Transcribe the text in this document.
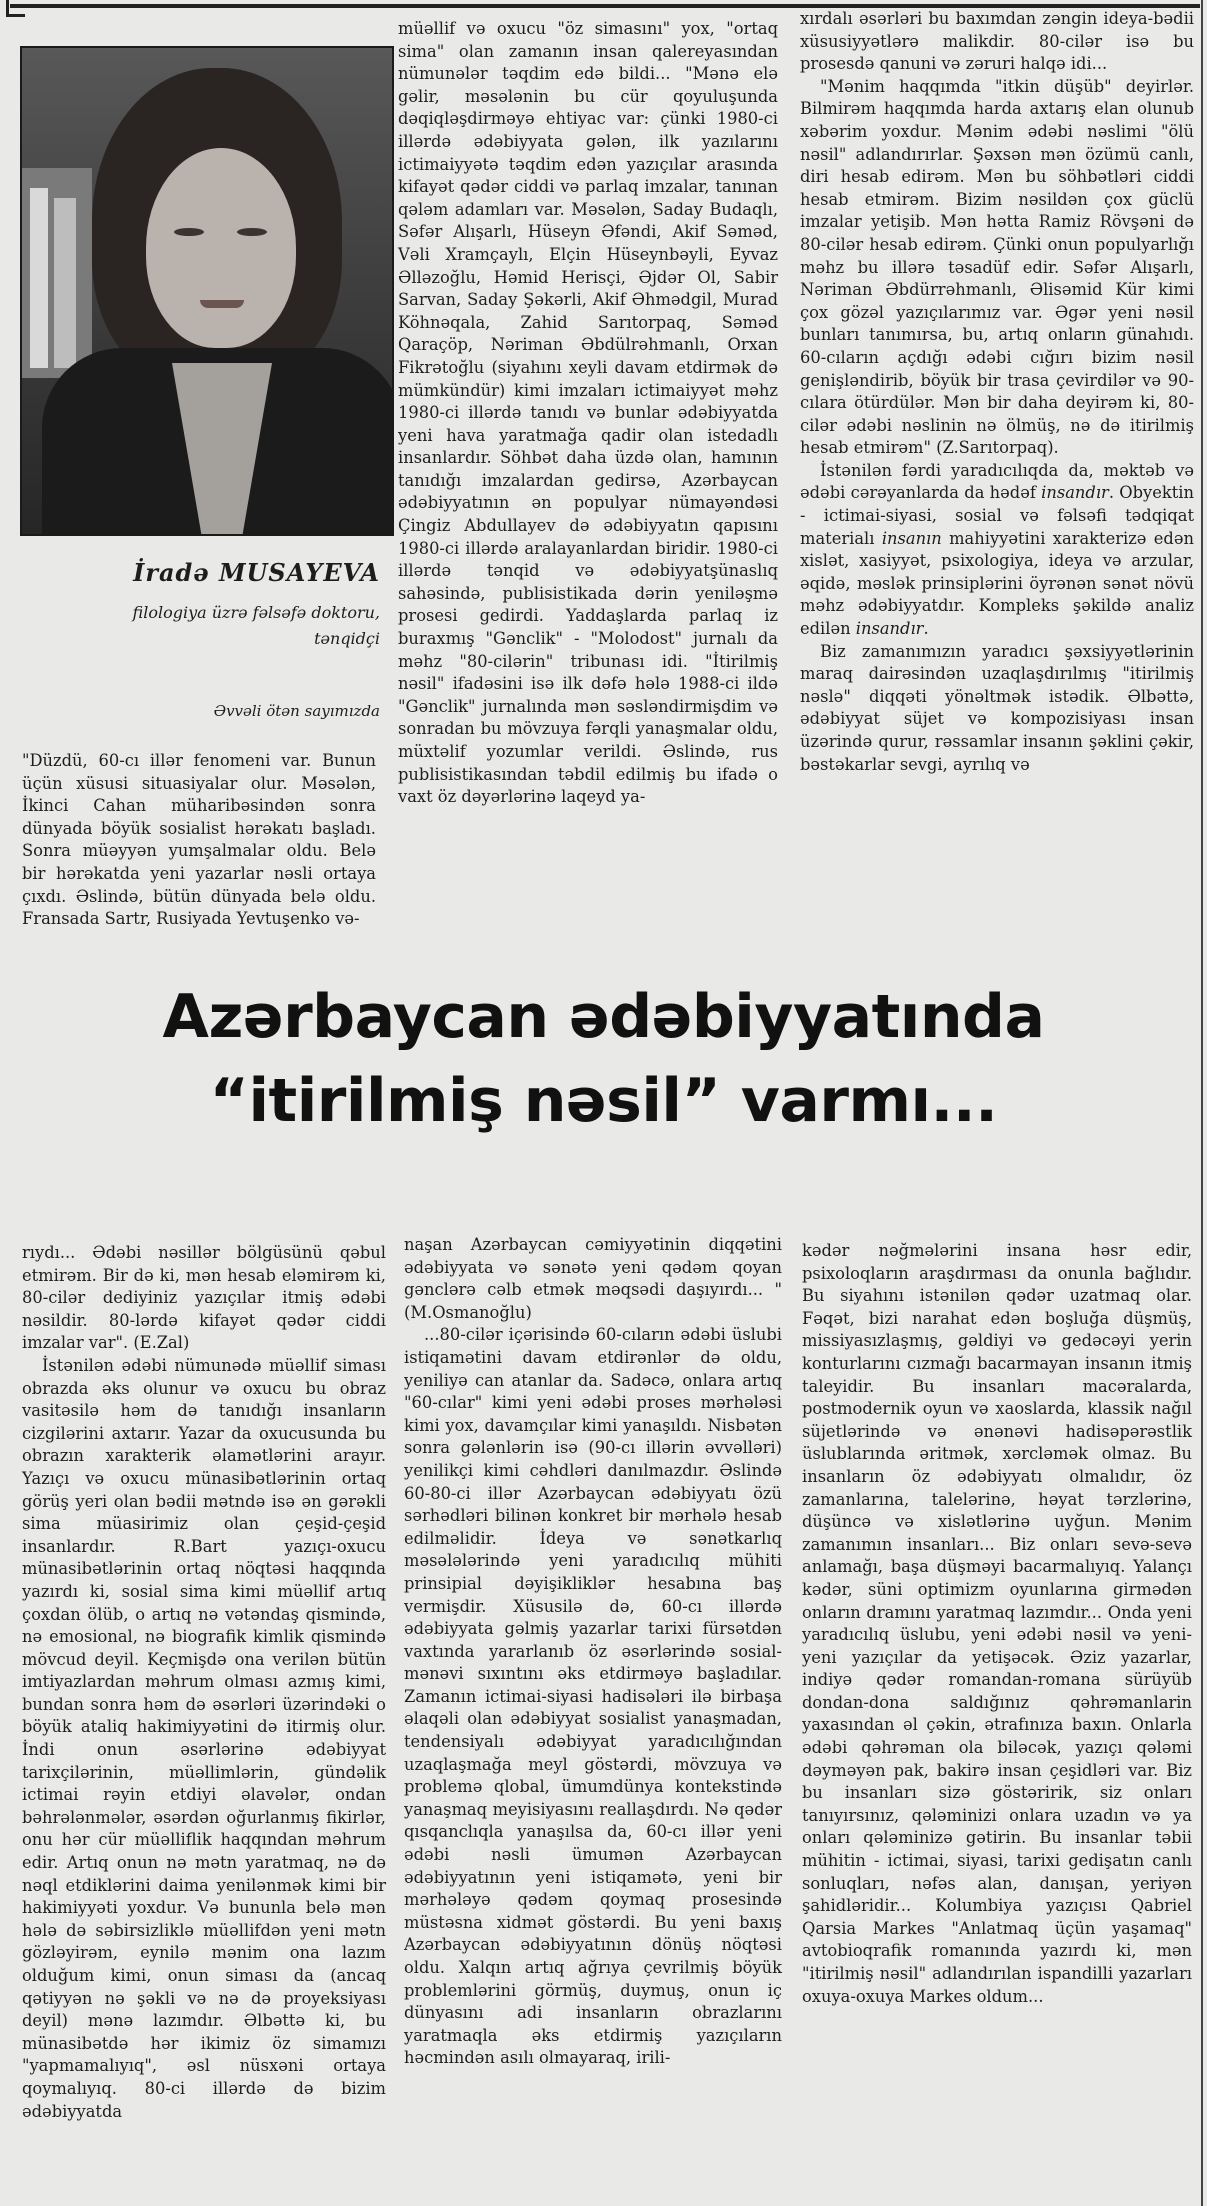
İradə MUSAYEVA
filologiya üzrə fəlsəfə doktoru,
tənqidçi
Əvvəli ötən sayımızda

"Düzdü, 60-cı illər fenomeni var. Bunun üçün xüsusi situasiyalar olur. Məsələn, İkinci Cahan müharibəsindən sonra dünyada böyük sosialist hərəkatı başladı. Sonra müəyyən yumşalmalar oldu. Belə bir hərəkatda yeni yazarlar nəsli ortaya çıxdı. Əslində, bütün dünyada belə oldu. Fransada Sartr, Rusiyada Yevtuşenko və-

müəllif və oxucu "öz simasını" yox, "ortaq sima" olan zamanın insan qalereyasından nümunələr təqdim edə bildi... "Mənə elə gəlir, məsələnin bu cür qoyuluşunda dəqiqləşdirməyə ehtiyac var: çünki 1980-ci illərdə ədəbiyyata gələn, ilk yazılarını ictimaiyyətə təqdim edən yazıçılar arasında kifayət qədər ciddi və parlaq imzalar, tanınan qələm adamları var. Məsələn, Saday Budaqlı, Səfər Alışarlı, Hüseyn Əfəndi, Akif Səməd, Vəli Xramçaylı, Elçin Hüseynbəyli, Eyvaz Əlləzoğlu, Həmid Herisçi, Əjdər Ol, Sabir Sarvan, Saday Şəkərli, Akif Əhmədgil, Murad Köhnəqala, Zahid Sarıtorpaq, Səməd Qaraçöp, Nəriman Əbdülrəhmanlı, Orxan Fikrətoğlu (siyahını xeyli davam etdirmək də mümkündür) kimi imzaları ictimaiyyət məhz 1980-ci illərdə tanıdı və bunlar ədəbiyyatda yeni hava yaratmağa qadir olan istedadlı insanlardır. Söhbət daha üzdə olan, hamının tanıdığı imzalardan gedirsə, Azərbaycan ədəbiyyatının ən populyar nümayəndəsi Çingiz Abdullayev də ədəbiyyatın qapısını 1980-ci illərdə aralayanlardan biridir. 1980-ci illərdə tənqid və ədəbiyyatşünaslıq sahəsində, publisistikada dərin yeniləşmə prosesi gedirdi. Yaddaşlarda parlaq iz buraxmış "Gənclik" - "Molodost" jurnalı da məhz "80-cilərin" tribunası idi. "İtirilmiş nəsil" ifadəsini isə ilk dəfə hələ 1988-ci ildə "Gənclik" jurnalında mən səsləndirmişdim və sonradan bu mövzuya fərqli yanaşmalar oldu, müxtəlif yozumlar verildi. Əslində, rus publisistikasından təbdil edilmiş bu ifadə o vaxt öz dəyərlərinə laqeyd ya-

xırdalı əsərləri bu baxımdan zəngin ideya-bədii xüsusiyyətlərə malikdir. 80-cilər isə bu prosesdə qanuni və zəruri halqə idi...

"Mənim haqqımda "itkin düşüb" deyirlər. Bilmirəm haqqımda harda axtarış elan olunub xəbərim yoxdur. Mənim ədəbi nəslimi "ölü nəsil" adlandırırlar. Şəxsən mən özümü canlı, diri hesab edirəm. Mən bu söhbətləri ciddi hesab etmirəm. Bizim nəsildən çox güclü imzalar yetişib. Mən hətta Ramiz Rövşəni də 80-cilər hesab edirəm. Çünki onun populyarlığı məhz bu illərə təsadüf edir. Səfər Alışarlı, Nəriman Əbdürrəhmanlı, Əlisəmid Kür kimi çox gözəl yazıçılarımız var. Əgər yeni nəsil bunları tanımırsa, bu, artıq onların günahıdı. 60-cıların açdığı ədəbi cığırı bizim nəsil genişləndirib, böyük bir trasa çevirdilər və 90-cılara ötürdülər. Mən bir daha deyirəm ki, 80-cilər ədəbi nəslinin nə ölmüş, nə də itirilmiş hesab etmirəm" (Z.Sarıtorpaq).

İstənilən fərdi yaradıcılıqda da, məktəb və ədəbi cərəyanlarda da hədəf insandır. Obyektin - ictimai-siyasi, sosial və fəlsəfi tədqiqat materialı insanın mahiyyətini xarakterizə edən xislət, xasiyyət, psixologiya, ideya və arzular, əqidə, məslək prinsiplərini öyrənən sənət növü məhz ədəbiyyatdır. Kompleks şəkildə analiz edilən insandır.

Biz zamanımızın yaradıcı şəxsiyyətlərinin maraq dairəsindən uzaqlaşdırılmış "itirilmiş nəslə" diqqəti yönəltmək istədik. Əlbəttə, ədəbiyyat süjet və kompozisiyası insan üzərində qurur, rəssamlar insanın şəklini çəkir, bəstəkarlar sevgi, ayrılıq və

Azərbaycan ədəbiyyatında
“itirilmiş nəsil” varmı...

rıydı... Ədəbi nəsillər bölgüsünü qəbul etmirəm. Bir də ki, mən hesab eləmirəm ki, 80-cilər dediyiniz yazıçılar itmiş ədəbi nəsildir. 80-lərdə kifayət qədər ciddi imzalar var". (E.Zal)

İstənilən ədəbi nümunədə müəllif siması obrazda əks olunur və oxucu bu obraz vasitəsilə həm də tanıdığı insanların cizgilərini axtarır. Yazar da oxucusunda bu obrazın xarakterik əlamətlərini arayır. Yazıçı və oxucu münasibətlərinin ortaq görüş yeri olan bədii mətndə isə ən gərəkli sima müasirimiz olan çeşid-çeşid insanlardır. R.Bart yazıçı-oxucu münasibətlərinin ortaq nöqtəsi haqqında yazırdı ki, sosial sima kimi müəllif artıq çoxdan ölüb, o artıq nə vətəndaş qismində, nə emosional, nə biografik kimlik qismində mövcud deyil. Keçmişdə ona verilən bütün imtiyazlardan məhrum olması azmış kimi, bundan sonra həm də əsərləri üzərindəki o böyük ataliq hakimiyyətini də itirmiş olur. İndi onun əsərlərinə ədəbiyyat tarixçilərinin, müəllimlərin, gündəlik ictimai rəyin etdiyi əlavələr, ondan bəhrələnmələr, əsərdən oğurlanmış fikirlər, onu hər cür müəlliflik haqqından məhrum edir. Artıq onun nə mətn yaratmaq, nə də nəql etdiklərini daima yenilənmək kimi bir hakimiyyəti yoxdur. Və bununla belə mən hələ də səbirsizliklə müəllifdən yeni mətn gözləyirəm, eynilə mənim ona lazım olduğum kimi, onun siması da (ancaq qətiyyən nə şəkli və nə də proyeksiyası deyil) mənə lazımdır. Əlbəttə ki, bu münasibətdə hər ikimiz öz simamızı "yapmamalıyıq", əsl nüsxəni ortaya qoymalıyıq. 80-ci illərdə də bizim ədəbiyyatda

naşan Azərbaycan cəmiyyətinin diqqətini ədəbiyyata və sənətə yeni qədəm qoyan gənclərə cəlb etmək məqsədi daşıyırdı... " (M.Osmanoğlu)

...80-cilər içərisində 60-cıların ədəbi üslubi istiqamətini davam etdirənlər də oldu, yeniliyə can atanlar da. Sadəcə, onlara artıq "60-cılar" kimi yeni ədəbi proses mərhələsi kimi yox, davamçılar kimi yanaşıldı. Nisbətən sonra gələnlərin isə (90-cı illərin əvvəlləri) yenilikçi kimi cəhdləri danılmazdır. Əslində 60-80-ci illər Azərbaycan ədəbiyyatı özü sərhədləri bilinən konkret bir mərhələ hesab edilməlidir. İdeya və sənətkarlıq məsələlərində yeni yaradıcılıq mühiti prinsipial dəyişikliklər hesabına baş vermişdir. Xüsusilə də, 60-cı illərdə ədəbiyyata gəlmiş yazarlar tarixi fürsətdən vaxtında yararlanıb öz əsərlərində sosial-mənəvi sıxıntını əks etdirməyə başladılar. Zamanın ictimai-siyasi hadisələri ilə birbaşa əlaqəli olan ədəbiyyat sosialist yanaşmadan, tendensiyalı ədəbiyyat yaradıcılığından uzaqlaşmağa meyl göstərdi, mövzuya və problemə qlobal, ümumdünya kontekstində yanaşmaq meyisiyasını reallaşdırdı. Nə qədər qısqanclıqla yanaşılsa da, 60-cı illər yeni ədəbi nəsli ümumən Azərbaycan ədəbiyyatının yeni istiqamətə, yeni bir mərhələyə qədəm qoymaq prosesində müstəsna xidmət göstərdi. Bu yeni baxış Azərbaycan ədəbiyyatının dönüş nöqtəsi oldu. Xalqın artıq ağrıya çevrilmiş böyük problemlərini görmüş, duymuş, onun iç dünyasını adi insanların obrazlarını yaratmaqla əks etdirmiş yazıçıların həcmindən asılı olmayaraq, irili-

kədər nəğmələrini insana həsr edir, psixoloqların araşdırması da onunla bağlıdır. Bu siyahını istənilən qədər uzatmaq olar. Fəqət, bizi narahat edən boşluğa düşmüş, missiyasızlaşmış, gəldiyi və gedəcəyi yerin konturlarını cızmağı bacarmayan insanın itmiş taleyidir. Bu insanları macəralarda, postmodernik oyun və xaoslarda, klassik nağıl süjetlərində və ənənəvi hadisəpərəstlik üslublarında əritmək, xərcləmək olmaz. Bu insanların öz ədəbiyyatı olmalıdır, öz zamanlarına, talelərinə, həyat tərzlərinə, düşüncə və xislətlərinə uyğun. Mənim zamanımın insanları... Biz onları sevə-sevə anlamağı, başa düşməyi bacarmalıyıq. Yalançı kədər, süni optimizm oyunlarına girmədən onların dramını yaratmaq lazımdır... Onda yeni yaradıcılıq üslubu, yeni ədəbi nəsil və yeni-yeni yazıçılar da yetişəcək. Əziz yazarlar, indiyə qədər romandan-romana sürüyüb dondan-dona saldığınız qəhrəmanlarin yaxasından əl çəkin, ətrafınıza baxın. Onlarla ədəbi qəhrəman ola biləcək, yazıçı qələmi dəyməyən pak, bakirə insan çeşidləri var. Biz bu insanları sizə göstəririk, siz onları tanıyırsınız, qələminizi onlara uzadın və ya onları qələminizə gətirin. Bu insanlar təbii mühitin - ictimai, siyasi, tarixi gedişatın canlı sonluqları, nəfəs alan, danışan, yeriyən şahidləridir... Kolumbiya yazıçısı Qabriel Qarsia Markes "Anlatmaq üçün yaşamaq" avtobioqrafik romanında yazırdı ki, mən "itirilmiş nəsil" adlandırılan ispandilli yazarları oxuya-oxuya Markes oldum...
